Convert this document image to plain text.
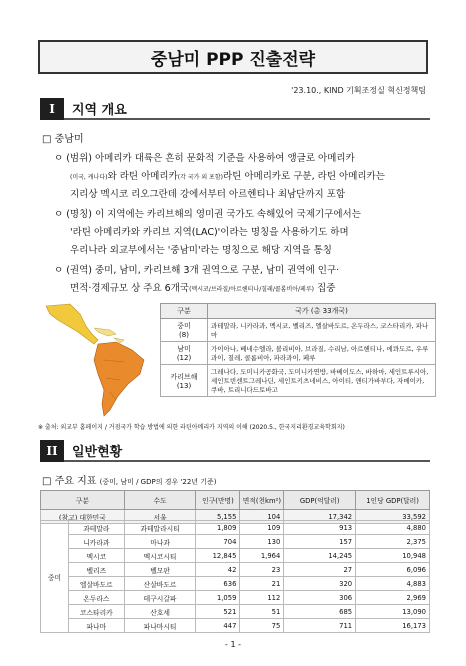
중남미 PPP 진출전략
'23.10., KIND 기획조정실 혁신정책팀
I	지역 개요
□ 중남미
ㅇ (범위) 아메리카 대륙은 흔히 문화적 기준을 사용하여 앵글로 아메리카
(미국, 캐나다)와 라틴 아메리카(각 국가 외 포함)라틴 아메리카로 구분, 라틴 아메리카는
지리상 멕시코 리오그란데 강에서부터 아르헨티나 최남단까지 포함
ㅇ (명칭) 이 지역에는 카리브해의 영미권 국가도 속해있어 국제기구에서는
'라틴 아메리카와 카리브 지역(LAC)'이라는 명칭을 사용하기도 하며
우리나라 외교부에서는 '중남미'라는 명칭으로 해당 지역을 통칭
ㅇ (권역) 중미, 남미, 카리브해 3개 권역으로 구분, 남미 권역에 인구·
면적·경제규모 상 주요 6개국(멕시코/브라질/아르헨티나/칠레/콜롬비아/페루) 집중
구분	국가 (총 33개국)

중미
(8)	과테말라, 니카라과, 멕시코, 벨리즈, 엘살바도르, 온두라스, 코스타리카, 파나마

남미
(12)	가이아나, 베네수엘라, 볼리비아, 브라질, 수리남, 아르헨티나, 에콰도르, 우루과이, 칠레, 콜롬비아, 파라과이, 페루

카리브해
(13)	그레나다, 도미니카공화국, 도미니카연방, 바베이도스, 바하마, 세인트루시아, 세인트빈센트그레나딘, 세인트키츠네비스, 아이티, 앤티가바부다, 자메이카, 쿠바, 트리니다드토바고
※ 출처: 외교부 홈페이지 / 거점국가 학습 방법에 의한 라틴아메리카 지역의 이해 (2020.5., 한국지리환경교육학회지)
II	일반현황
□ 주요 지표 (중미, 남미 / GDP의 경우 '22년 기준)
구분	수도	인구(만명)	면적(천km²)	GDP(억달러)	1인당 GDP(달러)
(참고) 대한민국	서울	5,155	104	17,342	33,592
중미	과테말라	과테말라시티	1,809	109	913	4,880
	니카라과	마나과	704	130	157	2,375
	멕시코	멕시코시티	12,845	1,964	14,245	10,948
	벨리즈	벨모판	42	23	27	6,096
	엘살바도르	산살바도르	636	21	320	4,883
	온두라스	테구시갈파	1,059	112	306	2,969
	코스타리카	산호세	521	51	685	13,090
	파나마	파나마시티	447	75	711	16,173
- 1 -
